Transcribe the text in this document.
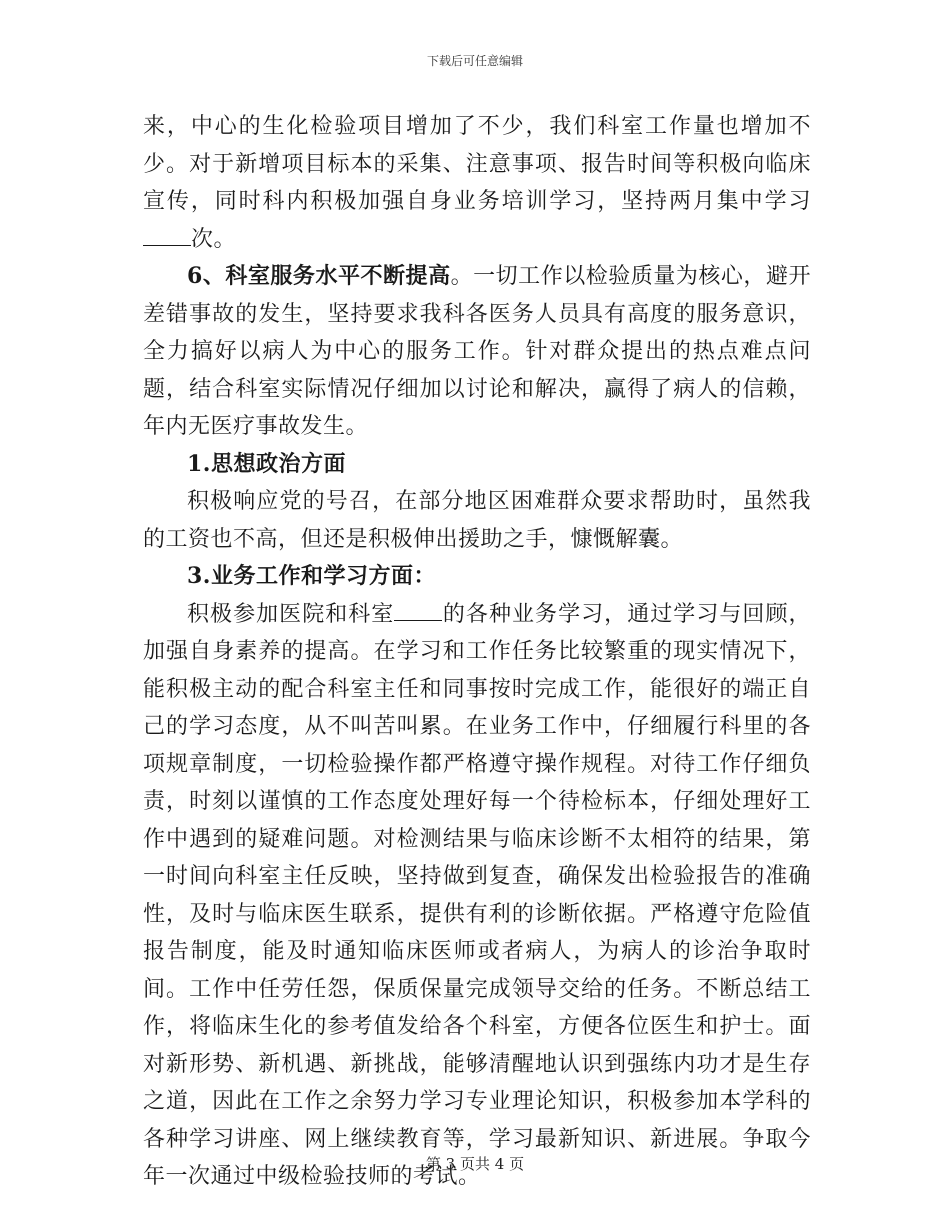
下载后可任意编辑

来，中心的生化检验项目增加了不少，我们科室工作量也增加不少。对于新增项目标本的采集、注意事项、报告时间等积极向临床宣传，同时科内积极加强自身业务培训学习，坚持两月集中学习次。

6、科室服务水平不断提高。一切工作以检验质量为核心，避开差错事故的发生，坚持要求我科各医务人员具有高度的服务意识，全力搞好以病人为中心的服务工作。针对群众提出的热点难点问题，结合科室实际情况仔细加以讨论和解决，赢得了病人的信赖，年内无医疗事故发生。

1.思想政治方面

积极响应党的号召，在部分地区困难群众要求帮助时，虽然我的工资也不高，但还是积极伸出援助之手，慷慨解囊。

3.业务工作和学习方面：

积极参加医院和科室 的各种业务学习，通过学习与回顾，加强自身素养的提高。在学习和工作任务比较繁重的现实情况下，能积极主动的配合科室主任和同事按时完成工作，能很好的端正自己的学习态度，从不叫苦叫累。在业务工作中，仔细履行科里的各项规章制度，一切检验操作都严格遵守操作规程。对待工作仔细负责，时刻以谨慎的工作态度处理好每一个待检标本，仔细处理好工作中遇到的疑难问题。对检测结果与临床诊断不太相符的结果，第一时间向科室主任反映，坚持做到复查，确保发出检验报告的准确性，及时与临床医生联系，提供有利的诊断依据。严格遵守危险值报告制度，能及时通知临床医师或者病人，为病人的诊治争取时间。工作中任劳任怨，保质保量完成领导交给的任务。不断总结工作，将临床生化的参考值发给各个科室，方便各位医生和护士。面对新形势、新机遇、新挑战，能够清醒地认识到强练内功才是生存之道，因此在工作之余努力学习专业理论知识，积极参加本学科的各种学习讲座、网上继续教育等，学习最新知识、新进展。争取今年一次通过中级检验技师的考试。

第 3 页共 4 页
